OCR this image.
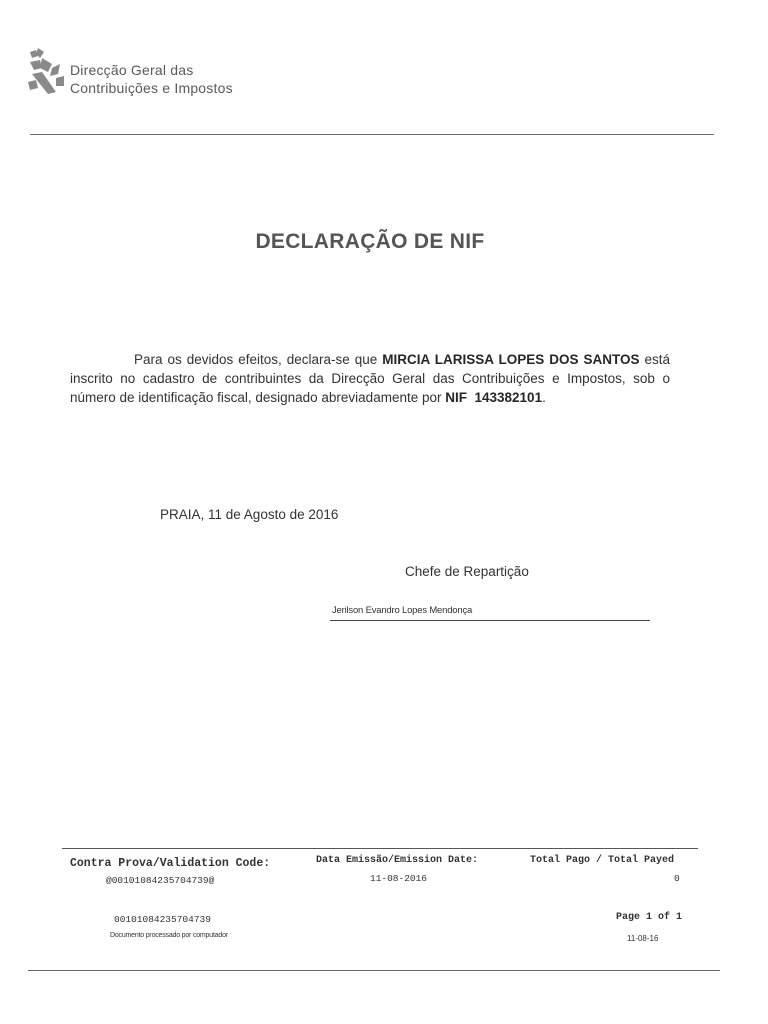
Direcção Geral das
Contribuições e Impostos
DECLARAÇÃO DE NIF
Para os devidos efeitos, declara-se que MIRCIA LARISSA LOPES DOS SANTOS está inscrito no cadastro de contribuintes da Direcção Geral das Contribuições e Impostos, sob o número de identificação fiscal, designado abreviadamente por NIF 143382101.
PRAIA, 11 de Agosto de 2016
Chefe de Repartição
Jerilson Evandro Lopes Mendonça
Contra Prova/Validation Code:
@00101084235704739@
Data Emissão/Emission Date:
11-08-2016
Total Pago / Total Payed
0
00101084235704739
Documento processado por computador
Page 1 of 1
11-08-16
